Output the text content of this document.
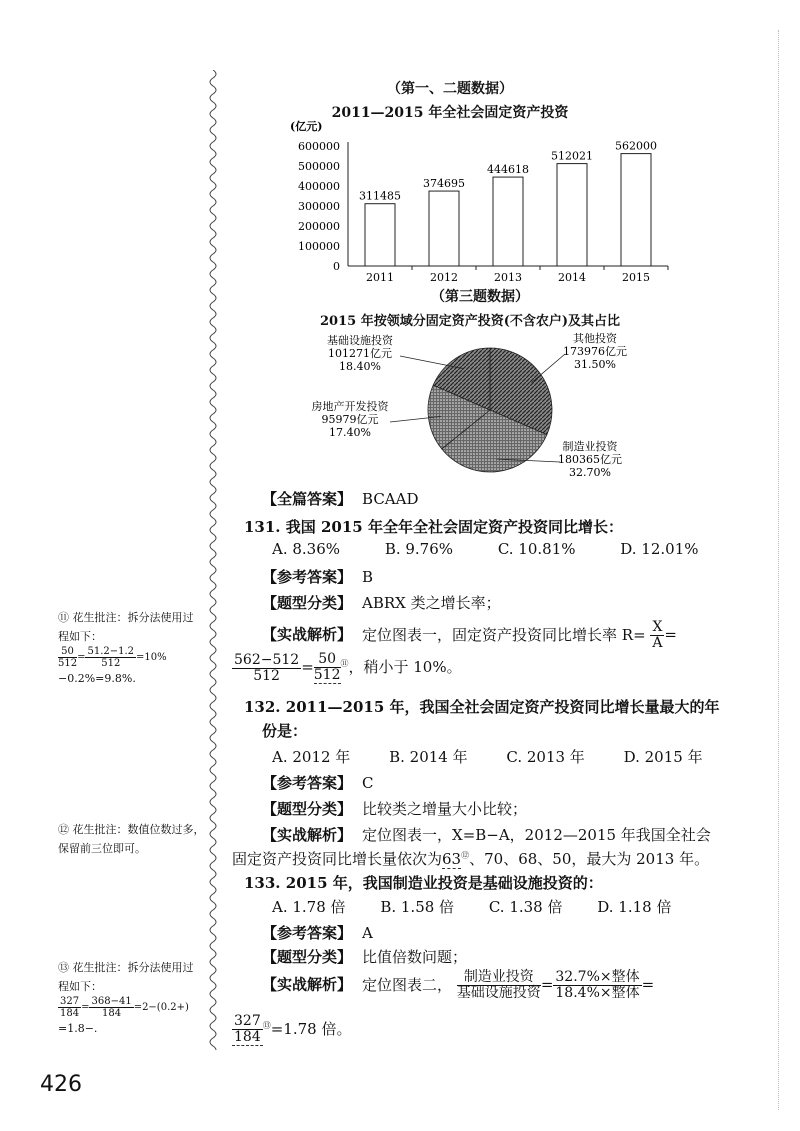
（第一、二题数据）
2011—2015 年全社会固定资产投资
(亿元)
0
100000
200000
300000
400000
500000
600000
311485
2011
374695
2012
444618
2013
512021
2014
562000
2015
（第三题数据）
2015 年按领域分固定资产投资(不含农户)及其占比
其他投资
173976亿元
31.50%
制造业投资
180365亿元
32.70%
房地产开发投资
95979亿元
17.40%
基础设施投资
101271亿元
18.40%
【全篇答案】 BCAAD
131. 我国 2015 年全年全社会固定资产投资同比增长：
A. 8.36%	B. 9.76%	C. 10.81%	D. 12.01%
【参考答案】 B
【题型分类】 ABRX 类之增长率；
【实战解析】 定位图表一，固定资产投资同比增长率 $R= \frac{X}{A}$ =
$\frac{562-512}{512} = \frac{50}{512} ^⑪$，稍小于 10%。
132. 2011—2015 年，我国全社会固定资产投资同比增长量最大的年
份是：
A. 2012 年	B. 2014 年	C. 2013 年	D. 2015 年
【参考答案】 C
【题型分类】 比较类之增量大小比较；
【实战解析】 定位图表一，X=B−A，2012—2015 年我国全社会
固定资产投资同比增长量依次为63⑫、70、68、50，最大为 2013 年。
133. 2015 年，我国制造业投资是基础设施投资的：
A. 1.78 倍 B. 1.58 倍 C. 1.38 倍 D. 1.18 倍
【参考答案】 A
【题型分类】 比值倍数问题；
【实战解析】 定位图表二， $\frac{\text{制造业投资}}{\text{基础设施投资}} = \frac{\text{32.7\%×整体}}{\text{18.4\%×整体}}$ =
$\frac{327}{184} ^⑬=1.78$ 倍。
⑪ 花生批注：拆分法使用过
程如下：
$\frac{50}{512} = \frac{51.2-1.2}{512} =10\%$
−0.2%=9.8%.
⑫ 花生批注：数值位数过多，
保留前三位即可。
⑬ 花生批注：拆分法使用过
程如下：
$\frac{327}{184} = \frac{368-41}{184} =2-(0.2+)$
=1.8−.
426
